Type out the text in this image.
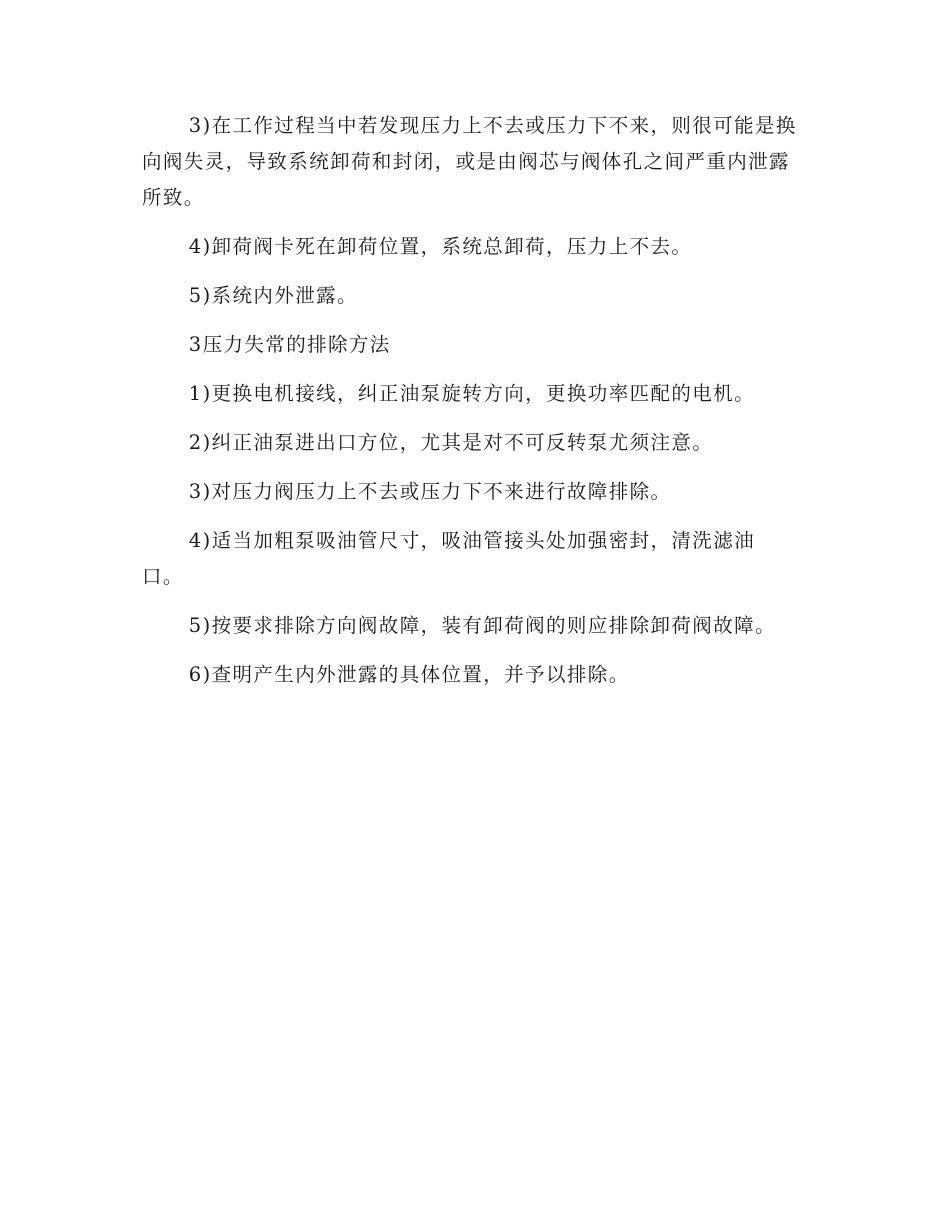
3)在工作过程当中若发现压力上不去或压力下不来，则很可能是换向阀失灵，导致系统卸荷和封闭，或是由阀芯与阀体孔之间严重内泄露所致。

4)卸荷阀卡死在卸荷位置，系统总卸荷，压力上不去。

5)系统内外泄露。

3压力失常的排除方法

1)更换电机接线，纠正油泵旋转方向，更换功率匹配的电机。

2)纠正油泵进出口方位，尤其是对不可反转泵尤须注意。

3)对压力阀压力上不去或压力下不来进行故障排除。

4)适当加粗泵吸油管尺寸，吸油管接头处加强密封，清洗滤油口。

5)按要求排除方向阀故障，装有卸荷阀的则应排除卸荷阀故障。

6)查明产生内外泄露的具体位置，并予以排除。
